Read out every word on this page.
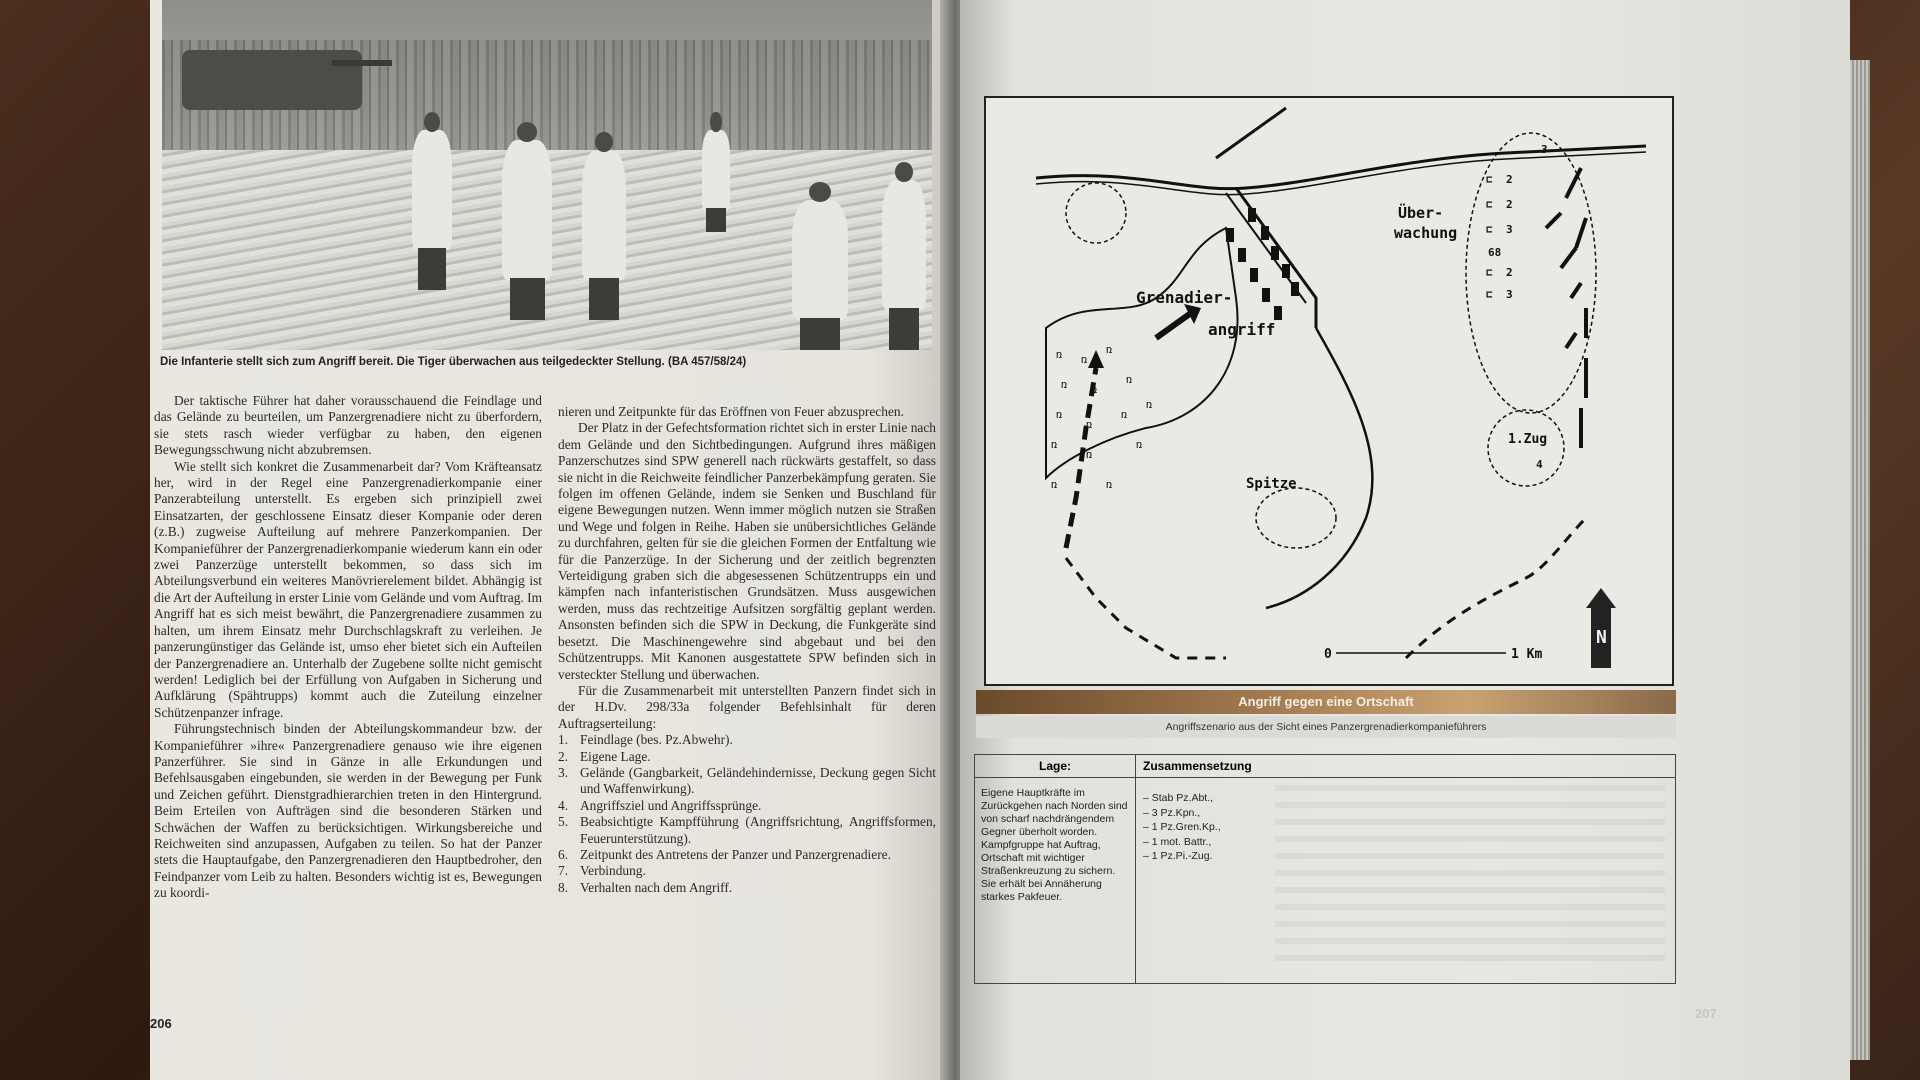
Die Infanterie stellt sich zum Angriff bereit. Die Tiger überwachen aus teilgedeckter Stellung. (BA 457/58/24)

Der taktische Führer hat daher vorausschauend die Feindlage und das Gelände zu beurteilen, um Panzergrenadiere nicht zu überfordern, sie stets rasch wieder verfügbar zu haben, den eigenen Bewegungsschwung nicht abzubremsen.

Wie stellt sich konkret die Zusammenarbeit dar? Vom Kräfteansatz her, wird in der Regel eine Panzergrenadierkompanie einer Panzerabteilung unterstellt. Es ergeben sich prinzipiell zwei Einsatzarten, der geschlossene Einsatz dieser Kompanie oder deren (z.B.) zugweise Aufteilung auf mehrere Panzerkompanien. Der Kompanieführer der Panzergrenadierkompanie wiederum kann ein oder zwei Panzerzüge unterstellt bekommen, so dass sich im Abteilungsverbund ein weiteres Manövrierelement bildet. Abhängig ist die Art der Aufteilung in erster Linie vom Gelände und vom Auftrag. Im Angriff hat es sich meist bewährt, die Panzergrenadiere zusammen zu halten, um ihrem Einsatz mehr Durchschlagskraft zu verleihen. Je panzerungünstiger das Gelände ist, umso eher bietet sich ein Aufteilen der Panzergrenadiere an. Unterhalb der Zugebene sollte nicht gemischt werden! Lediglich bei der Erfüllung von Aufgaben in Sicherung und Aufklärung (Spähtrupps) kommt auch die Zuteilung einzelner Schützenpanzer infrage.

Führungstechnisch binden der Abteilungskommandeur bzw. der Kompanieführer »ihre« Panzergrenadiere genauso wie ihre eigenen Panzerführer. Sie sind in Gänze in alle Erkundungen und Befehlsausgaben eingebunden, sie werden in der Bewegung per Funk und Zeichen geführt. Dienstgradhierarchien treten in den Hintergrund. Beim Erteilen von Aufträgen sind die besonderen Stärken und Schwächen der Waffen zu berücksichtigen. Wirkungsbereiche und Reichweiten sind anzupassen, Aufgaben zu teilen. So hat der Panzer stets die Hauptaufgabe, den Panzergrenadieren den Hauptbedroher, den Feindpanzer vom Leib zu halten. Besonders wichtig ist es, Bewegungen zu koordi-

nieren und Zeitpunkte für das Eröffnen von Feuer abzusprechen.

Der Platz in der Gefechtsformation richtet sich in erster Linie nach dem Gelände und den Sichtbedingungen. Aufgrund ihres mäßigen Panzerschutzes sind SPW generell nach rückwärts gestaffelt, so dass sie nicht in die Reichweite feindlicher Panzerbekämpfung geraten. Sie folgen im offenen Gelände, indem sie Senken und Buschland für eigene Bewegungen nutzen. Wenn immer möglich nutzen sie Straßen und Wege und folgen in Reihe. Haben sie unübersichtliches Gelände zu durchfahren, gelten für sie die gleichen Formen der Entfaltung wie für die Panzerzüge. In der Sicherung und der zeitlich begrenzten Verteidigung graben sich die abgesessenen Schützentrupps ein und kämpfen nach infanteristischen Grundsätzen. Muss ausgewichen werden, muss das rechtzeitige Aufsitzen sorgfältig geplant werden. Ansonsten befinden sich die SPW in Deckung, die Funkgeräte sind besetzt. Die Maschinengewehre sind abgebaut und bei den Schützentrupps. Mit Kanonen ausgestattete SPW befinden sich in versteckter Stellung und überwachen.

Für die Zusammenarbeit mit unterstellten Panzern findet sich in der H.Dv. 298/33a folgender Befehlsinhalt für deren Auftragserteilung:

1. Feindlage (bes. Pz.Abwehr).
2. Eigene Lage.
3. Gelände (Gangbarkeit, Geländehindernisse, Deckung gegen Sicht und Waffenwirkung).
4. Angriffsziel und Angriffssprünge.
5. Beabsichtigte Kampfführung (Angriffsrichtung, Angriffsformen, Feuerunterstützung).
6. Zeitpunkt des Antretens der Panzer und Panzergrenadiere.
7. Verbindung.
8. Verhalten nach dem Angriff.
206
ռ ռ
ռ
ռ ռ
ռ
ռ
ռ
ռ
ռ
ռ
ռ
ռ	ռ
ռ
⊏ 2
⊏ 2
⊏ 3
⊏ 2
⊏ 3
3
68
1.Zug
4
Spitze
Grenadier-
angriff
Über-
wachung
0	1 Km
N
Angriff gegen eine Ortschaft
Angriffszenario aus der Sicht eines Panzergrenadierkompanieführers
Lage:	Zusammensetzung
Eigene Hauptkräfte im Zurückgehen nach Norden sind von scharf nachdrängendem Gegner überholt worden. Kampfgruppe hat Auftrag, Ortschaft mit wichtiger Straßenkreuzung zu sichern. Sie erhält bei Annäherung starkes Pakfeuer.
– Stab Pz.Abt.,
– 3 Pz.Kpn.,
– 1 Pz.Gren.Kp.,
– 1 mot. Battr.,
– 1 Pz.Pi.-Zug.
207
